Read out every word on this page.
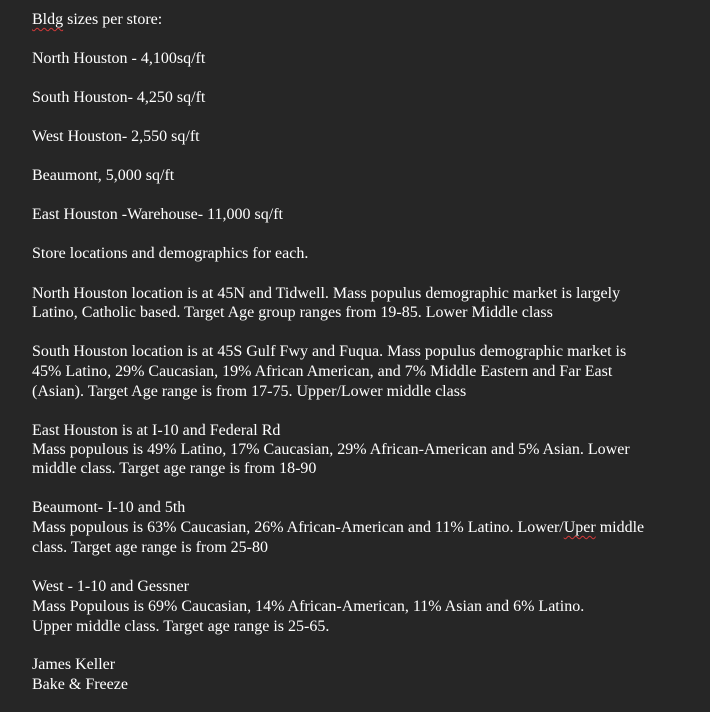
Bldg sizes per store:
North Houston - 4,100sq/ft
South Houston- 4,250 sq/ft
West Houston- 2,550 sq/ft
Beaumont, 5,000 sq/ft
East Houston -Warehouse- 11,000 sq/ft
Store locations and demographics for each.
North Houston location is at 45N and Tidwell. Mass populus demographic market is largely
Latino, Catholic based. Target Age group ranges from 19-85. Lower Middle class
South Houston location is at 45S Gulf Fwy and Fuqua. Mass populus demographic market is
45% Latino, 29% Caucasian, 19% African American, and 7% Middle Eastern and Far East
(Asian). Target Age range is from 17-75. Upper/Lower middle class
East Houston is at I-10 and Federal Rd
Mass populous is 49% Latino, 17% Caucasian, 29% African-American and 5% Asian. Lower
middle class. Target age range is from 18-90
Beaumont- I-10 and 5th
Mass populous is 63% Caucasian, 26% African-American and 11% Latino. Lower/Uper middle
class. Target age range is from 25-80
West - 1-10 and Gessner
Mass Populous is 69% Caucasian, 14% African-American, 11% Asian and 6% Latino.
Upper middle class. Target age range is 25-65.
James Keller
Bake & Freeze
